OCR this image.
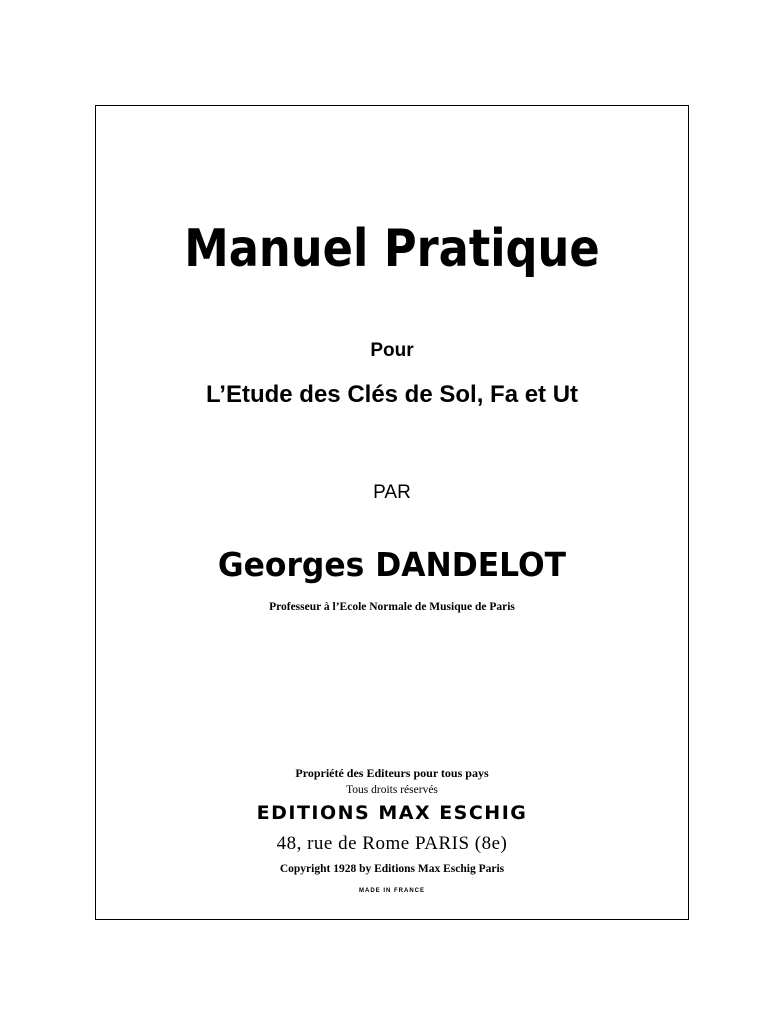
Manuel Pratique
Pour
L’Etude des Clés de Sol, Fa et Ut
PAR
Georges DANDELOT
Professeur à l’Ecole Normale de Musique de Paris
Propriété des Editeurs pour tous pays
Tous droits réservés
EDITIONS MAX ESCHIG
48, rue de Rome PARIS (8e)
Copyright 1928 by Editions Max Eschig Paris
MADE IN FRANCE
